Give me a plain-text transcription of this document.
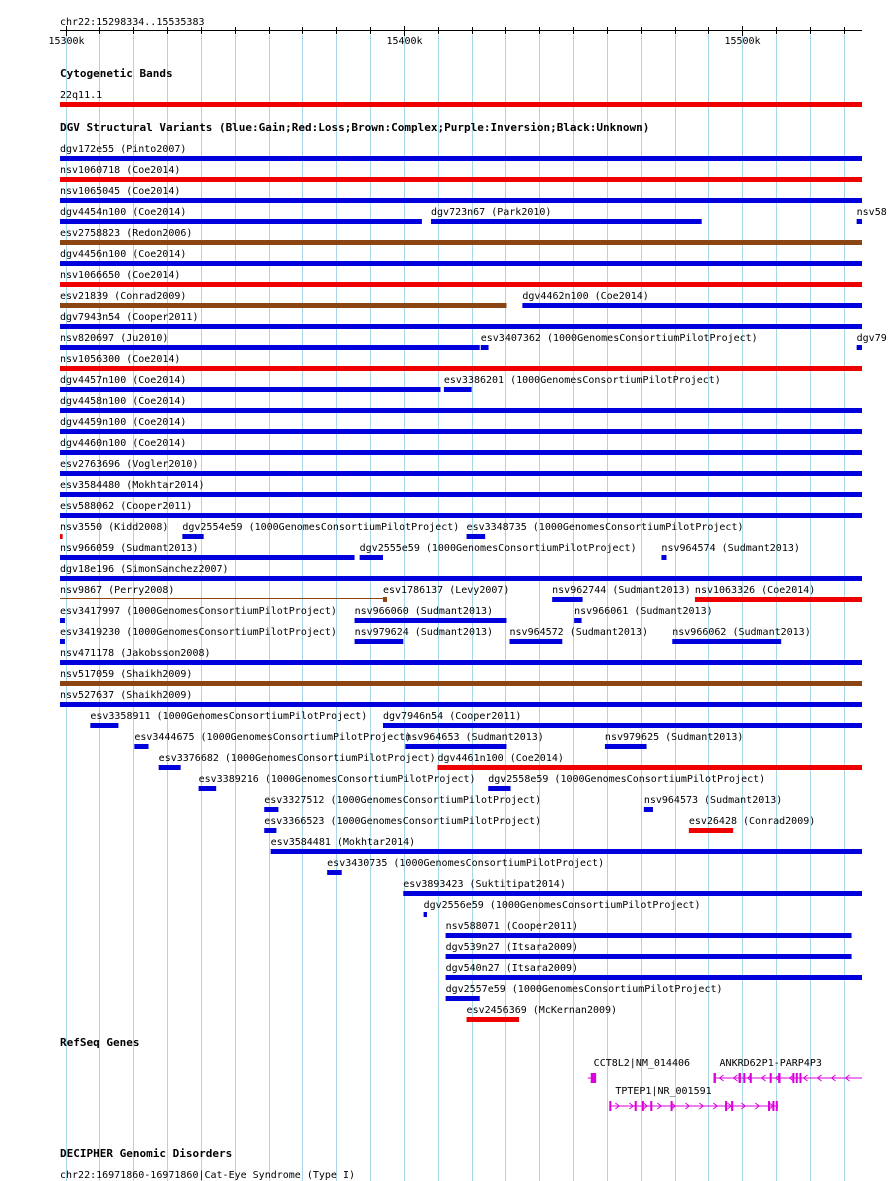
chr22:15298334..15535383
15300k	15400k	15500k
Cytogenetic Bands
22q11.1
DGV Structural Variants (Blue:Gain;Red:Loss;Brown:Complex;Purple:Inversion;Black:Unknown)
dgv172e55 (Pinto2007)
nsv1060718 (Coe2014)
nsv1065045 (Coe2014)
dgv4454n100 (Coe2014)	dgv723n67 (Park2010)	nsv58
esv2758823 (Redon2006)
dgv4456n100 (Coe2014)
nsv1066650 (Coe2014)
esv21839 (Conrad2009)	dgv4462n100 (Coe2014)
dgv7943n54 (Cooper2011)
nsv820697 (Ju2010)	esv3407362 (1000GenomesConsortiumPilotProject)	dgv79
nsv1056300 (Coe2014)
dgv4457n100 (Coe2014)	esv3386201 (1000GenomesConsortiumPilotProject)
dgv4458n100 (Coe2014)
dgv4459n100 (Coe2014)
dgv4460n100 (Coe2014)
esv2763696 (Vogler2010)
esv3584480 (Mokhtar2014)
esv588062 (Cooper2011)
nsv3550 (Kidd2008) dgv2554e59 (1000GenomesConsortiumPilotProject) esv3348735 (1000GenomesConsortiumPilotProject)
nsv966059 (Sudmant2013)	dgv2555e59 (1000GenomesConsortiumPilotProject) nsv964574 (Sudmant2013)
dgv18e196 (SimonSanchez2007)
nsv9867 (Perry2008)	esv1786137 (Levy2007)	nsv962744 (Sudmant2013) nsv1063326 (Coe2014)
esv3417997 (1000GenomesConsortiumPilotProject) nsv966060 (Sudmant2013)	nsv966061 (Sudmant2013)
esv3419230 (1000GenomesConsortiumPilotProject) nsv979624 (Sudmant2013) nsv964572 (Sudmant2013) nsv966062 (Sudmant2013)
nsv471178 (Jakobsson2008)
nsv517059 (Shaikh2009)
nsv527637 (Shaikh2009)
esv3358911 (1000GenomesConsortiumPilotProject) dgv7946n54 (Cooper2011)
esv3444675 (1000GenomesConsortiumPilotProject)
nsv964653 (Sudmant2013)	nsv979625 (Sudmant2013)
esv3376682 (1000GenomesConsortiumPilotProject) dgv4461n100 (Coe2014)
esv3389216 (1000GenomesConsortiumPilotProject) dgv2558e59 (1000GenomesConsortiumPilotProject)
esv3327512 (1000GenomesConsortiumPilotProject)	nsv964573 (Sudmant2013)
esv3366523 (1000GenomesConsortiumPilotProject)	esv26428 (Conrad2009)
esv3584481 (Mokhtar2014)
esv3430735 (1000GenomesConsortiumPilotProject)
esv3893423 (Suktitipat2014)
dgv2556e59 (1000GenomesConsortiumPilotProject)
nsv588071 (Cooper2011)
dgv539n27 (Itsara2009)
dgv540n27 (Itsara2009)
dgv2557e59 (1000GenomesConsortiumPilotProject)
esv2456369 (McKernan2009)
RefSeq Genes
CCT8L2|NM_014406	ANKRD62P1-PARP4P3
TPTEP1|NR_001591
DECIPHER Genomic Disorders
chr22:16971860-16971860|Cat-Eye Syndrome (Type I)
